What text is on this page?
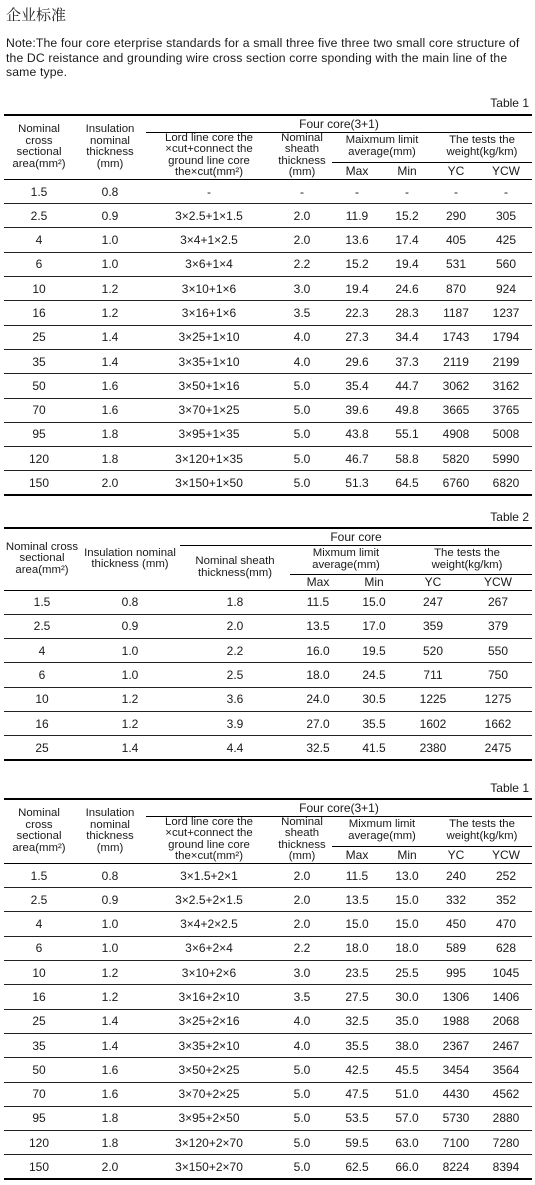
企业标准
Note:The four core eterprise standards for a small three five three two small core structure of the DC reistance and grounding wire cross section corre sponding with the main line of the same type.
Table 1
Nominal cross sectional area(mm²)	Insulation nominal thickness (mm)	Four core(3+1)					
		Lord line core the ×cut+connect the ground line core the×cut(mm²)	Nominal sheath thickness (mm)	Maixmum limit average(mm)		The tests the weight(kg/km)	
				Max	Min	YC	YCW
1.5	0.8	-	-	-	-	-	-
2.5	0.9	3×2.5+1×1.5	2.0	11.9	15.2	290	305
4	1.0	3×4+1×2.5	2.0	13.6	17.4	405	425
6	1.0	3×6+1×4	2.2	15.2	19.4	531	560
10	1.2	3×10+1×6	3.0	19.4	24.6	870	924
16	1.2	3×16+1×6	3.5	22.3	28.3	1187	1237
25	1.4	3×25+1×10	4.0	27.3	34.4	1743	1794
35	1.4	3×35+1×10	4.0	29.6	37.3	2119	2199
50	1.6	3×50+1×16	5.0	35.4	44.7	3062	3162
70	1.6	3×70+1×25	5.0	39.6	49.8	3665	3765
95	1.8	3×95+1×35	5.0	43.8	55.1	4908	5008
120	1.8	3×120+1×35	5.0	46.7	58.8	5820	5990
150	2.0	3×150+1×50	5.0	51.3	64.5	6760	6820
Table 2
Nominal cross sectional area(mm²)	Insulation nominal thickness (mm)	Four core				
		Nominal sheath thickness(mm)	Mixmum limit average(mm)		The tests the weight(kg/km)	
			Max	Min	YC	YCW
1.5	0.8	1.8	11.5	15.0	247	267
2.5	0.9	2.0	13.5	17.0	359	379
4	1.0	2.2	16.0	19.5	520	550
6	1.0	2.5	18.0	24.5	711	750
10	1.2	3.6	24.0	30.5	1225	1275
16	1.2	3.9	27.0	35.5	1602	1662
25	1.4	4.4	32.5	41.5	2380	2475
Table 1
Nominal cross sectional area(mm²)	Insulation nominal thickness (mm)	Four core(3+1)					
		Lord line core the ×cut+connect the ground line core the×cut(mm²)	Nominal sheath thickness (mm)	Mixmum limit average(mm)		The tests the weight(kg/km)	
				Max	Min	YC	YCW
1.5	0.8	3×1.5+2×1	2.0	11.5	13.0	240	252
2.5	0.9	3×2.5+2×1.5	2.0	13.5	15.0	332	352
4	1.0	3×4+2×2.5	2.0	15.0	15.0	450	470
6	1.0	3×6+2×4	2.2	18.0	18.0	589	628
10	1.2	3×10+2×6	3.0	23.5	25.5	995	1045
16	1.2	3×16+2×10	3.5	27.5	30.0	1306	1406
25	1.4	3×25+2×16	4.0	32.5	35.0	1988	2068
35	1.4	3×35+2×10	4.0	35.5	38.0	2367	2467
50	1.6	3×50+2×25	5.0	42.5	45.5	3454	3564
70	1.6	3×70+2×25	5.0	47.5	51.0	4430	4562
95	1.8	3×95+2×50	5.0	53.5	57.0	5730	2880
120	1.8	3×120+2×70	5.0	59.5	63.0	7100	7280
150	2.0	3×150+2×70	5.0	62.5	66.0	8224	8394
